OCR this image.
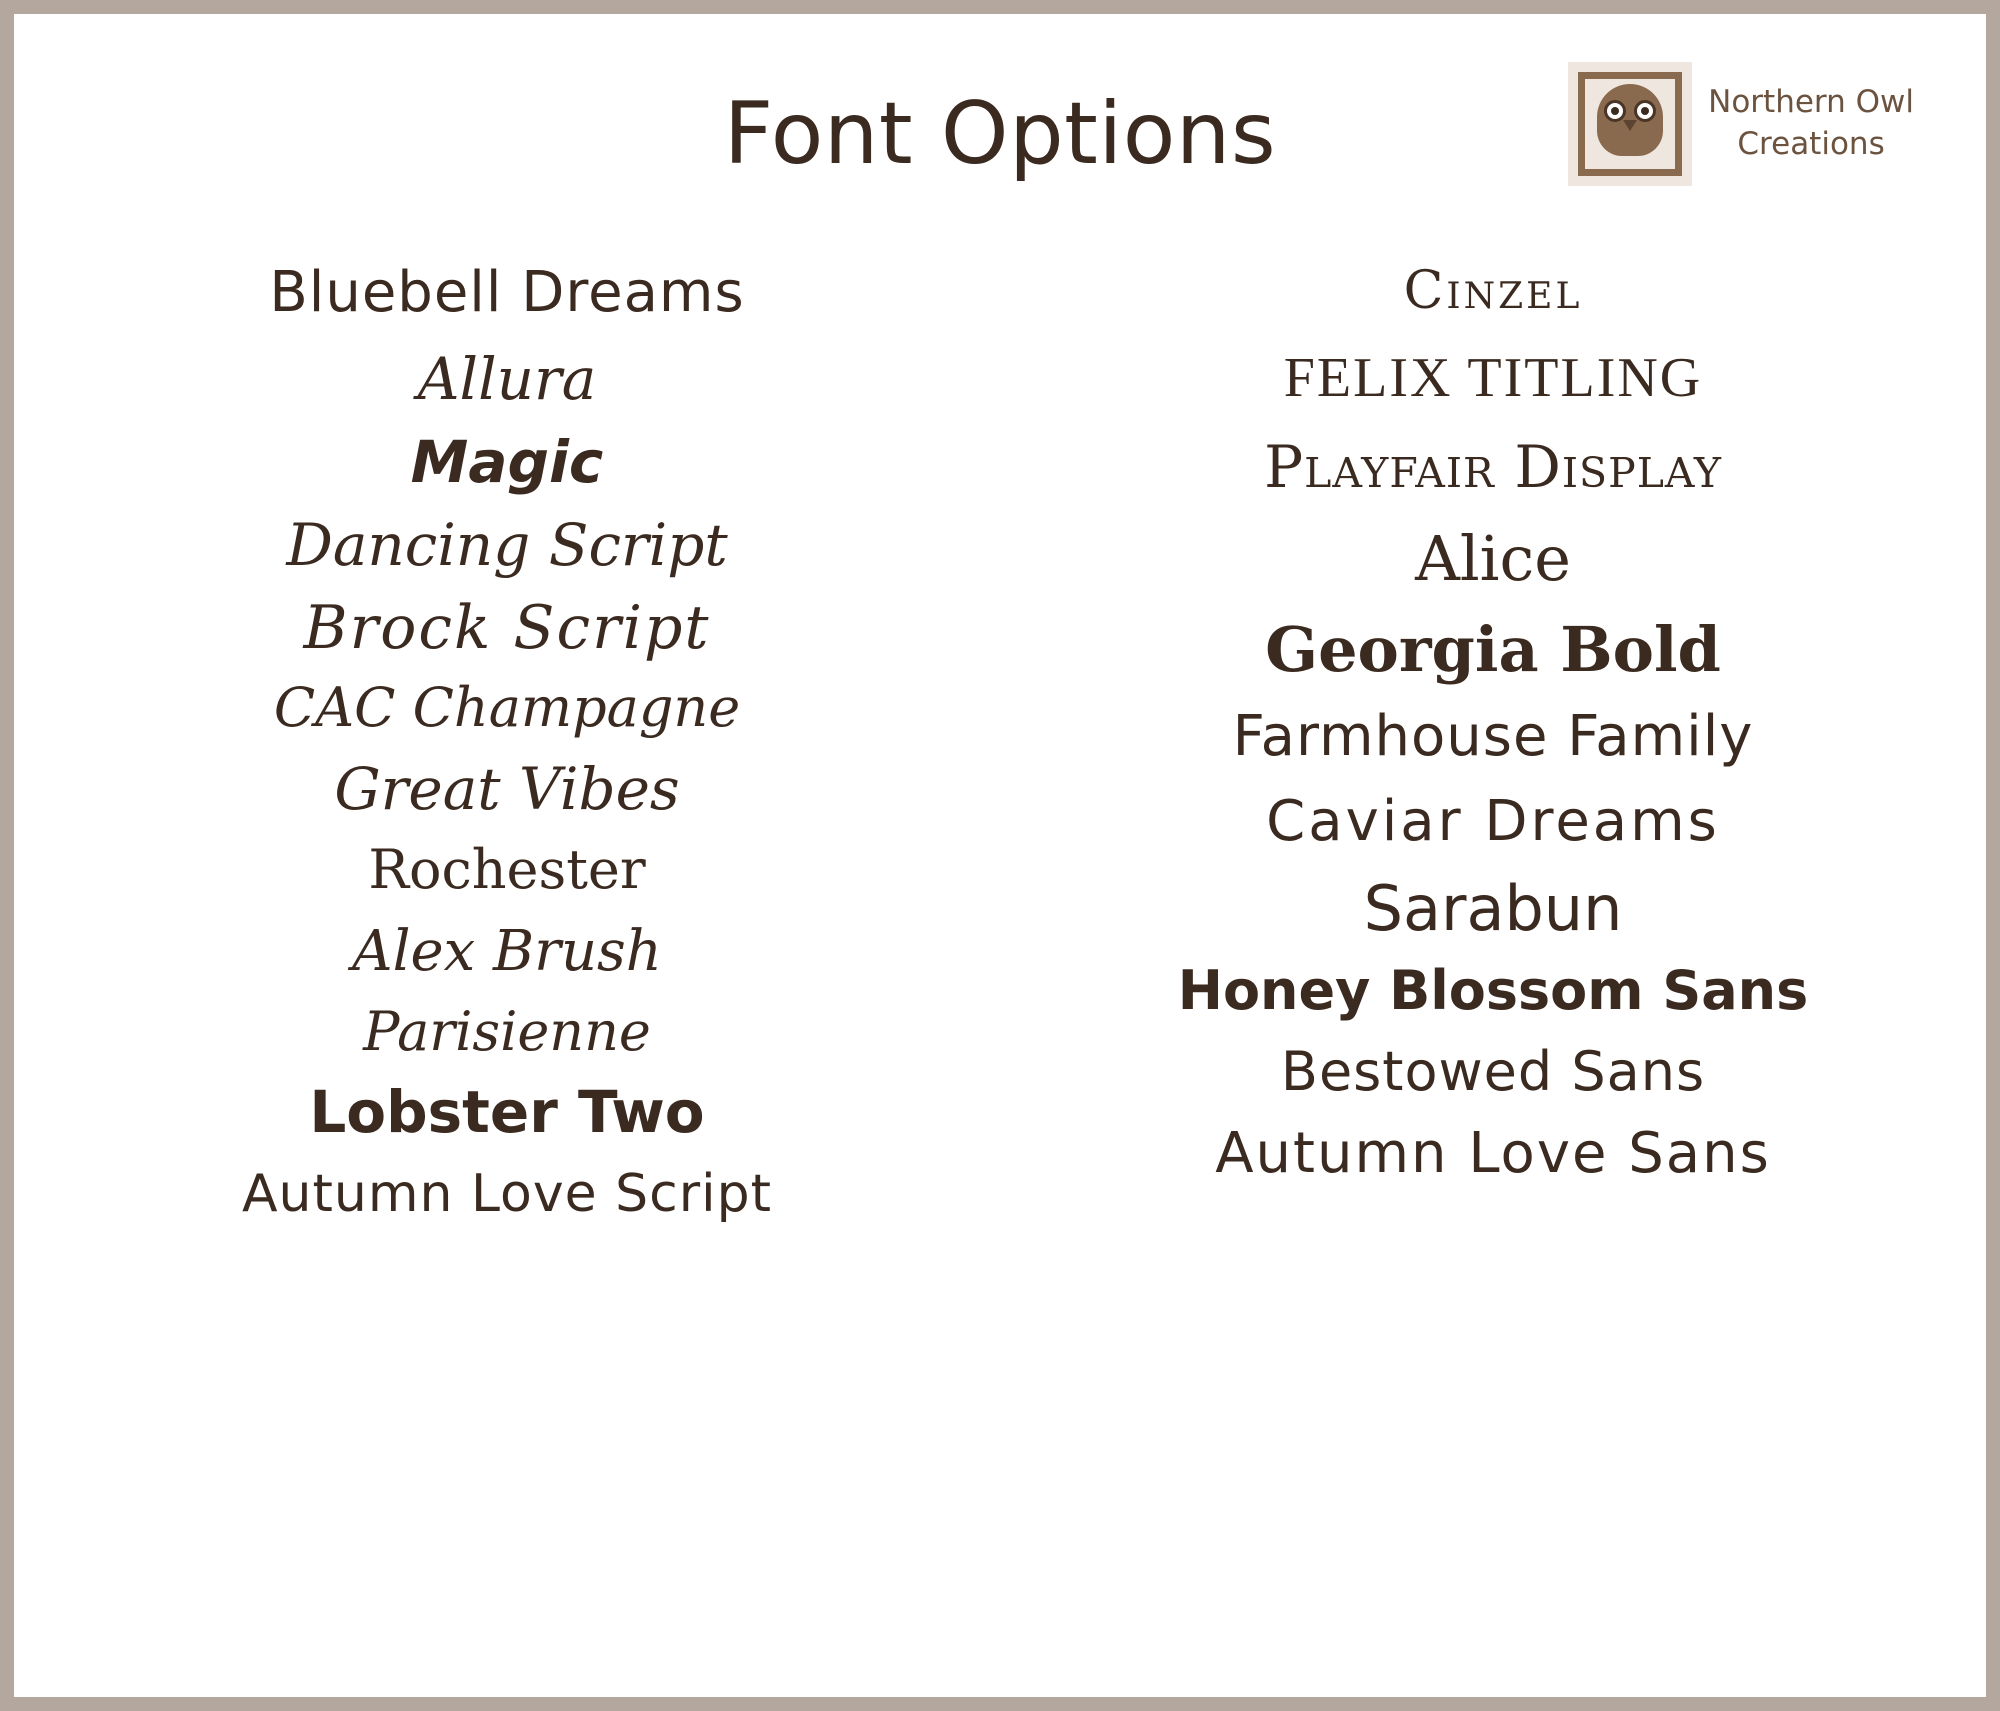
Font Options	Northern Owl
Creations
Bluebell Dreams
Allura
Magic
Dancing Script
Brock Script
CAC Champagne
Great Vibes
Rochester
Alex Brush
Parisienne
Lobster Two
Autumn Love Script
Cinzel
FELIX TITLING
Playfair Display
Alice
Georgia Bold
Farmhouse Family
Caviar Dreams
Sarabun
Honey Blossom Sans
Bestowed Sans
Autumn Love Sans
